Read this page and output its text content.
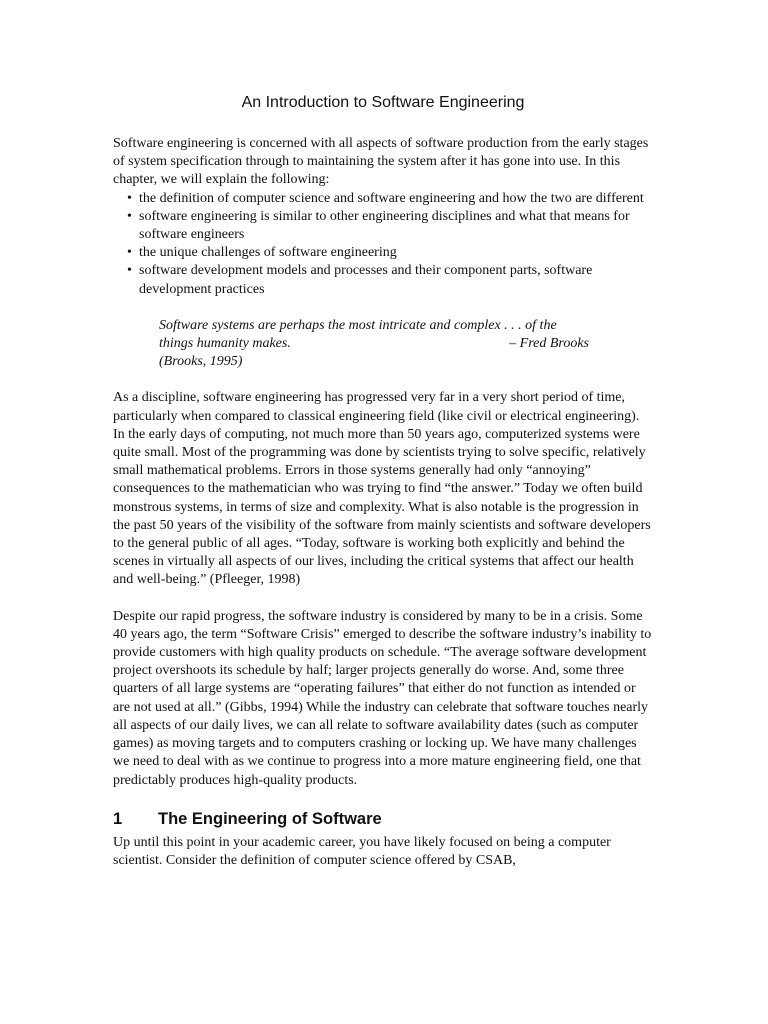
An Introduction to Software Engineering

Software engineering is concerned with all aspects of software production from the early stages of system specification through to maintaining the system after it has gone into use. In this chapter, we will explain the following:

• the definition of computer science and software engineering and how the two are different
• software engineering is similar to other engineering disciplines and what that means for software engineers
• the unique challenges of software engineering
• software development models and processes and their component parts, software development practices
Software systems are perhaps the most intricate and complex . . . of the
things humanity makes.	– Fred Brooks
(Brooks, 1995)

As a discipline, software engineering has progressed very far in a very short period of time, particularly when compared to classical engineering field (like civil or electrical engineering). In the early days of computing, not much more than 50 years ago, computerized systems were quite small. Most of the programming was done by scientists trying to solve specific, relatively small mathematical problems. Errors in those systems generally had only “annoying” consequences to the mathematician who was trying to find “the answer.” Today we often build monstrous systems, in terms of size and complexity. What is also notable is the progression in the past 50 years of the visibility of the software from mainly scientists and software developers to the general public of all ages. “Today, software is working both explicitly and behind the scenes in virtually all aspects of our lives, including the critical systems that affect our health and well-being.” (Pfleeger, 1998)

Despite our rapid progress, the software industry is considered by many to be in a crisis. Some 40 years ago, the term “Software Crisis” emerged to describe the software industry’s inability to provide customers with high quality products on schedule. “The average software development project overshoots its schedule by half; larger projects generally do worse. And, some three quarters of all large systems are “operating failures” that either do not function as intended or are not used at all.” (Gibbs, 1994) While the industry can celebrate that software touches nearly all aspects of our daily lives, we can all relate to software availability dates (such as computer games) as moving targets and to computers crashing or locking up. We have many challenges we need to deal with as we continue to progress into a more mature engineering field, one that predictably produces high-quality products.

1	The Engineering of Software

Up until this point in your academic career, you have likely focused on being a computer scientist. Consider the definition of computer science offered by CSAB,
